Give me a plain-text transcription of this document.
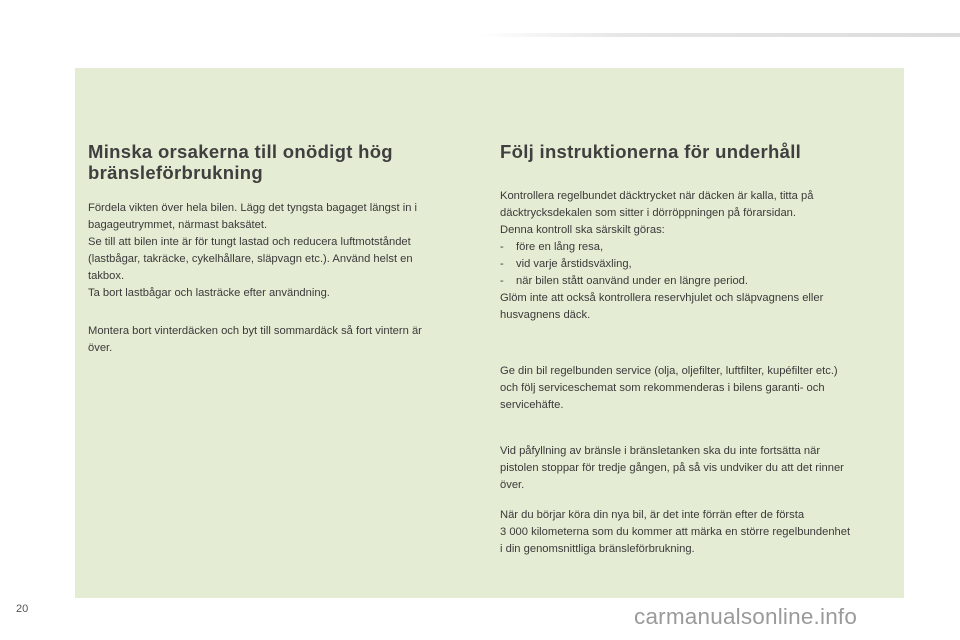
Minska orsakerna till onödigt hög
bränsleförbrukning

Fördela vikten över hela bilen. Lägg det tyngsta bagaget längst in i
bagageutrymmet, närmast baksätet.
Se till att bilen inte är för tungt lastad och reducera luftmotståndet
(lastbågar, takräcke, cykelhållare, släpvagn etc.). Använd helst en
takbox.
Ta bort lastbågar och lasträcke efter användning.

Montera bort vinterdäcken och byt till sommardäck så fort vintern är
över.

Följ instruktionerna för underhåll

Kontrollera regelbundet däcktrycket när däcken är kalla, titta på
däcktrycksdekalen som sitter i dörröppningen på förarsidan.
Denna kontroll ska särskilt göras:
- före en lång resa,
- vid varje årstidsväxling,
- när bilen stått oanvänd under en längre period.
Glöm inte att också kontrollera reservhjulet och släpvagnens eller
husvagnens däck.

Ge din bil regelbunden service (olja, oljefilter, luftfilter, kupéfilter etc.)
och följ serviceschemat som rekommenderas i bilens garanti- och
servicehäfte.

Vid påfyllning av bränsle i bränsletanken ska du inte fortsätta när
pistolen stoppar för tredje gången, på så vis undviker du att det rinner
över.

När du börjar köra din nya bil, är det inte förrän efter de första
3 000 kilometerna som du kommer att märka en större regelbundenhet
i din genomsnittliga bränsleförbrukning.

20	carmanualsonline.info
